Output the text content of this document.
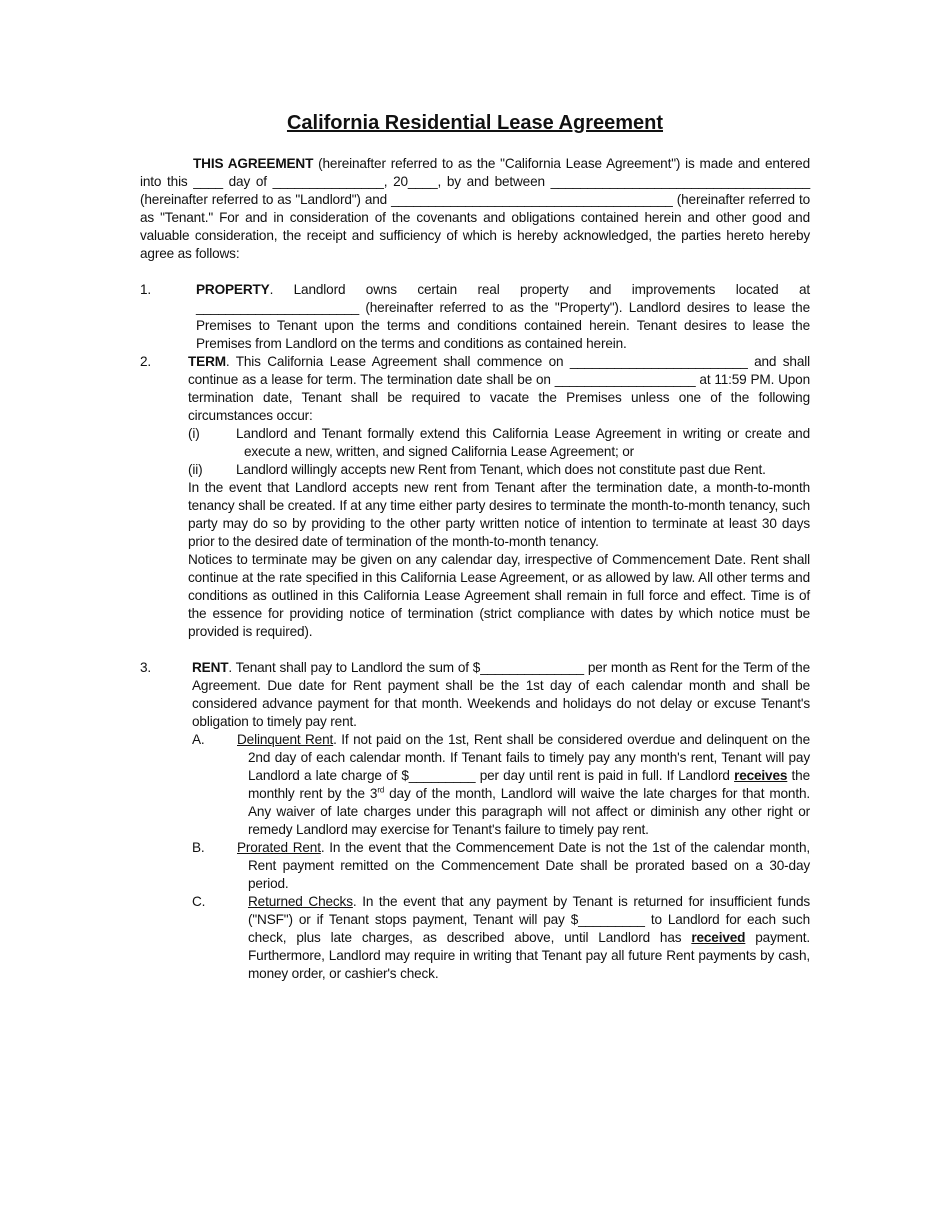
California Residential Lease Agreement

THIS AGREEMENT (hereinafter referred to as the "California Lease Agreement") is made and entered into this ____ day of _______________, 20____, by and between ___________________________________ (hereinafter referred to as "Landlord") and ______________________________________ (hereinafter referred to as "Tenant." For and in consideration of the covenants and obligations contained herein and other good and valuable consideration, the receipt and sufficiency of which is hereby acknowledged, the parties hereto hereby agree as follows:

1.	PROPERTY. Landlord owns certain real property and improvements located at ______________________ (hereinafter referred to as the "Property"). Landlord desires to lease the Premises to Tenant upon the terms and conditions contained herein. Tenant desires to lease the Premises from Landlord on the terms and conditions as contained herein.

2.	TERM. This California Lease Agreement shall commence on ________________________ and shall continue as a lease for term. The termination date shall be on ___________________ at 11:59 PM. Upon termination date, Tenant shall be required to vacate the Premises unless one of the following circumstances occur:

(i)	Landlord and Tenant formally extend this California Lease Agreement in writing or create and execute a new, written, and signed California Lease Agreement; or
(ii)	Landlord willingly accepts new Rent from Tenant, which does not constitute past due Rent.

In the event that Landlord accepts new rent from Tenant after the termination date, a month-to-month tenancy shall be created. If at any time either party desires to terminate the month-to-month tenancy, such party may do so by providing to the other party written notice of intention to terminate at least 30 days prior to the desired date of termination of the month-to-month tenancy.

Notices to terminate may be given on any calendar day, irrespective of Commencement Date. Rent shall continue at the rate specified in this California Lease Agreement, or as allowed by law. All other terms and conditions as outlined in this California Lease Agreement shall remain in full force and effect. Time is of the essence for providing notice of termination (strict compliance with dates by which notice must be provided is required).

3.	RENT. Tenant shall pay to Landlord the sum of $______________ per month as Rent for the Term of the Agreement. Due date for Rent payment shall be the 1st day of each calendar month and shall be considered advance payment for that month. Weekends and holidays do not delay or excuse Tenant's obligation to timely pay rent.

A.	Delinquent Rent. If not paid on the 1st, Rent shall be considered overdue and delinquent on the 2nd day of each calendar month. If Tenant fails to timely pay any month's rent, Tenant will pay Landlord a late charge of $_________ per day until rent is paid in full. If Landlord receives the monthly rent by the 3rd day of the month, Landlord will waive the late charges for that month. Any waiver of late charges under this paragraph will not affect or diminish any other right or remedy Landlord may exercise for Tenant's failure to timely pay rent.
B.	Prorated Rent. In the event that the Commencement Date is not the 1st of the calendar month, Rent payment remitted on the Commencement Date shall be prorated based on a 30-day period.
C.	Returned Checks. In the event that any payment by Tenant is returned for insufficient funds ("NSF") or if Tenant stops payment, Tenant will pay $_________ to Landlord for each such check, plus late charges, as described above, until Landlord has received payment. Furthermore, Landlord may require in writing that Tenant pay all future Rent payments by cash, money order, or cashier's check.
